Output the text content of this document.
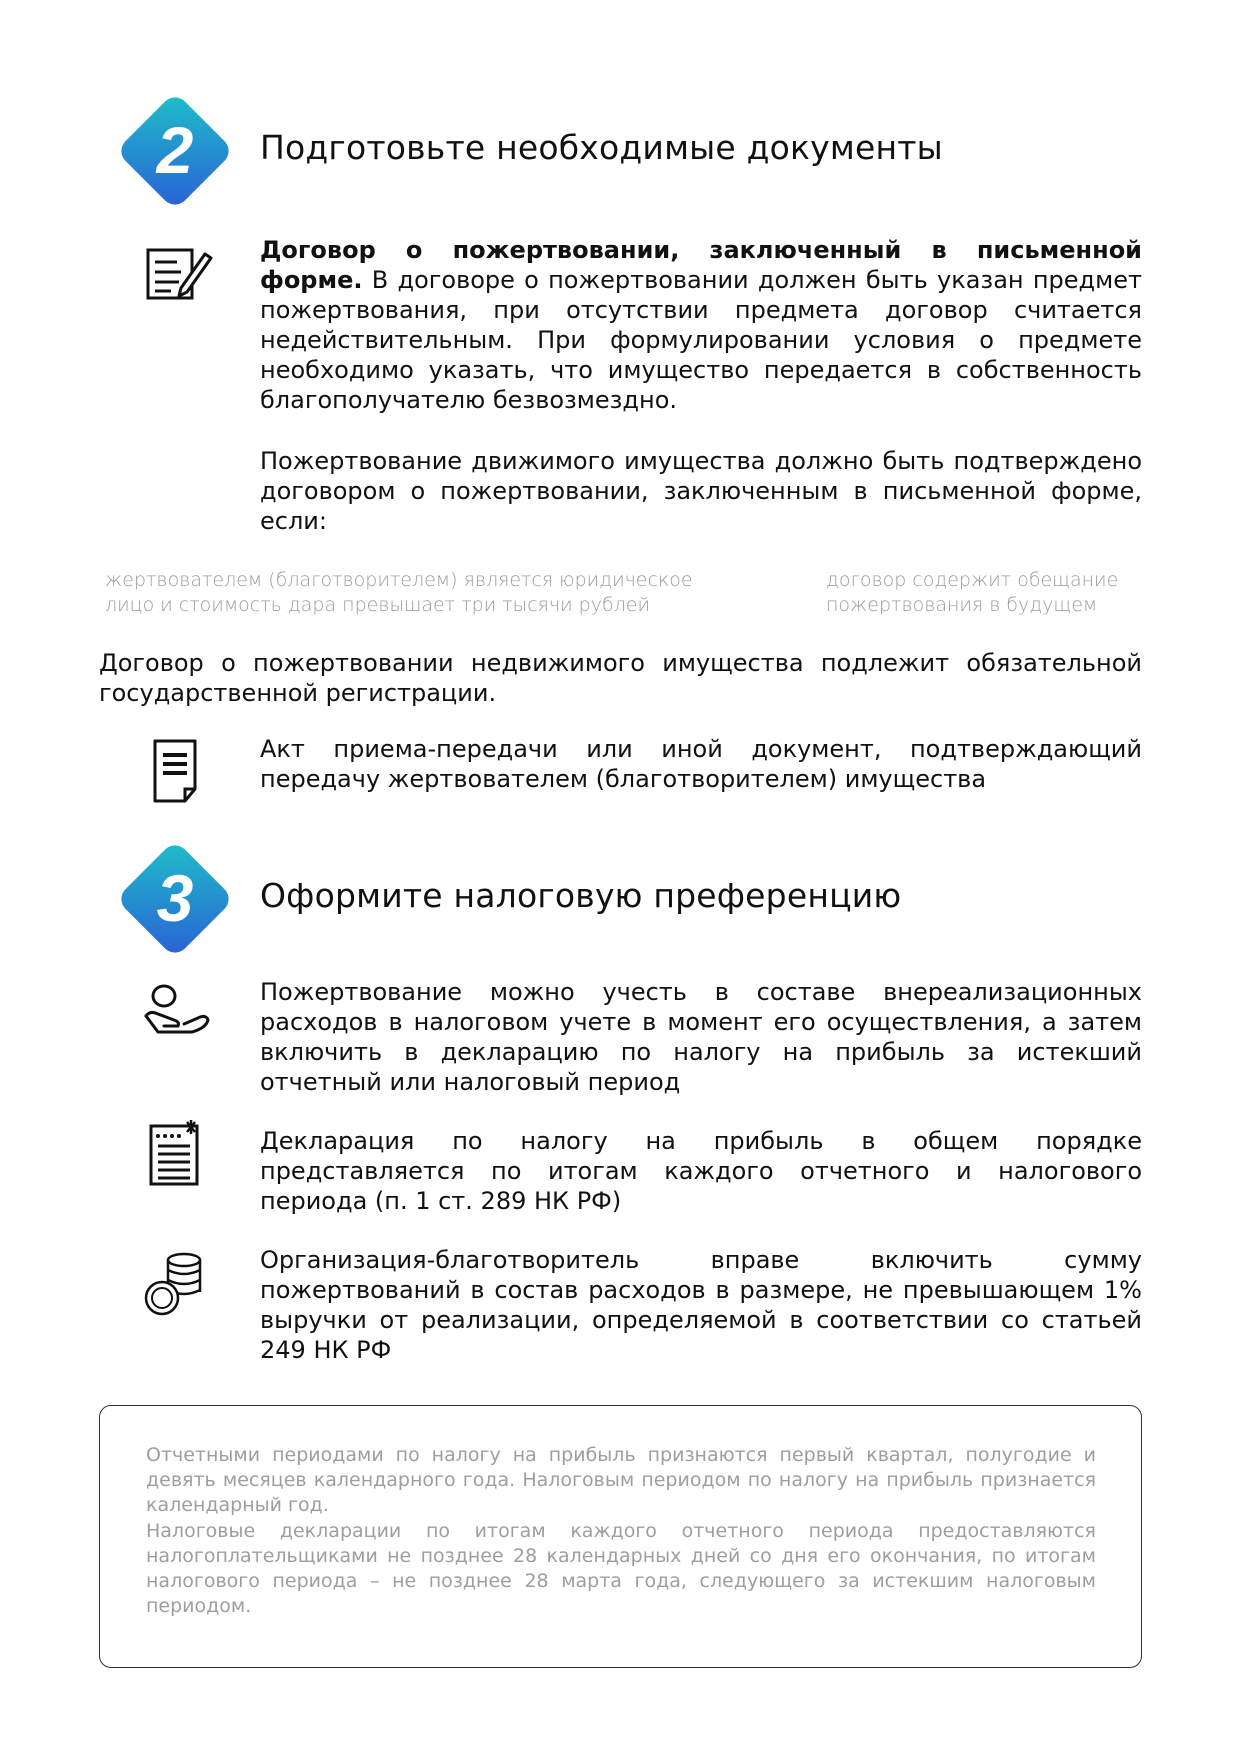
2 Подготовьте необходимые документы
Договор о пожертвовании, заключенный в письменной форме. В договоре о пожертвовании должен быть указан предмет пожертвования, при отсутствии предмета договор считается недействительным. При формулировании условия о предмете необходимо указать, что имущество передается в собственность благополучателю безвозмездно.
Пожертвование движимого имущества должно быть подтверждено договором о пожертвовании, заключенным в письменной форме, если:
жертвователем (благотворителем) является юридическое лицо и стоимость дара превышает три тысячи рублей
договор содержит обещание пожертвования в будущем
Договор о пожертвовании недвижимого имущества подлежит обязательной государственной регистрации.
Акт приема-передачи или иной документ, подтверждающий передачу жертвователем (благотворителем) имущества
3 Оформите налоговую преференцию
Пожертвование можно учесть в составе внереализационных расходов в налоговом учете в момент его осуществления, а затем включить в декларацию по налогу на прибыль за истекший отчетный или налоговый период
Декларация по налогу на прибыль в общем порядке представляется по итогам каждого отчетного и налогового периода (п. 1 ст. 289 НК РФ)
Организация-благотворитель вправе включить сумму пожертвований в состав расходов в размере, не превышающем 1% выручки от реализации, определяемой в соответствии со статьей 249 НК РФ
Отчетными периодами по налогу на прибыль признаются первый квартал, полугодие и девять месяцев календарного года. Налоговым периодом по налогу на прибыль признается календарный год.
Налоговые декларации по итогам каждого отчетного периода предоставляются налогоплательщиками не позднее 28 календарных дней со дня его окончания, по итогам налогового периода – не позднее 28 марта года, следующего за истекшим налоговым периодом.
